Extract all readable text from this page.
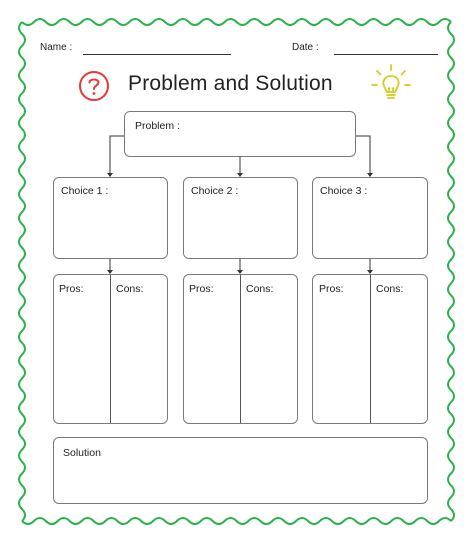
Name :	Date :
Problem and Solution
Problem :
Choice 1 :	Choice 2 :	Choice 3 :
Pros:	Cons:	Pros:	Cons:	Pros:	Cons:
Solution
